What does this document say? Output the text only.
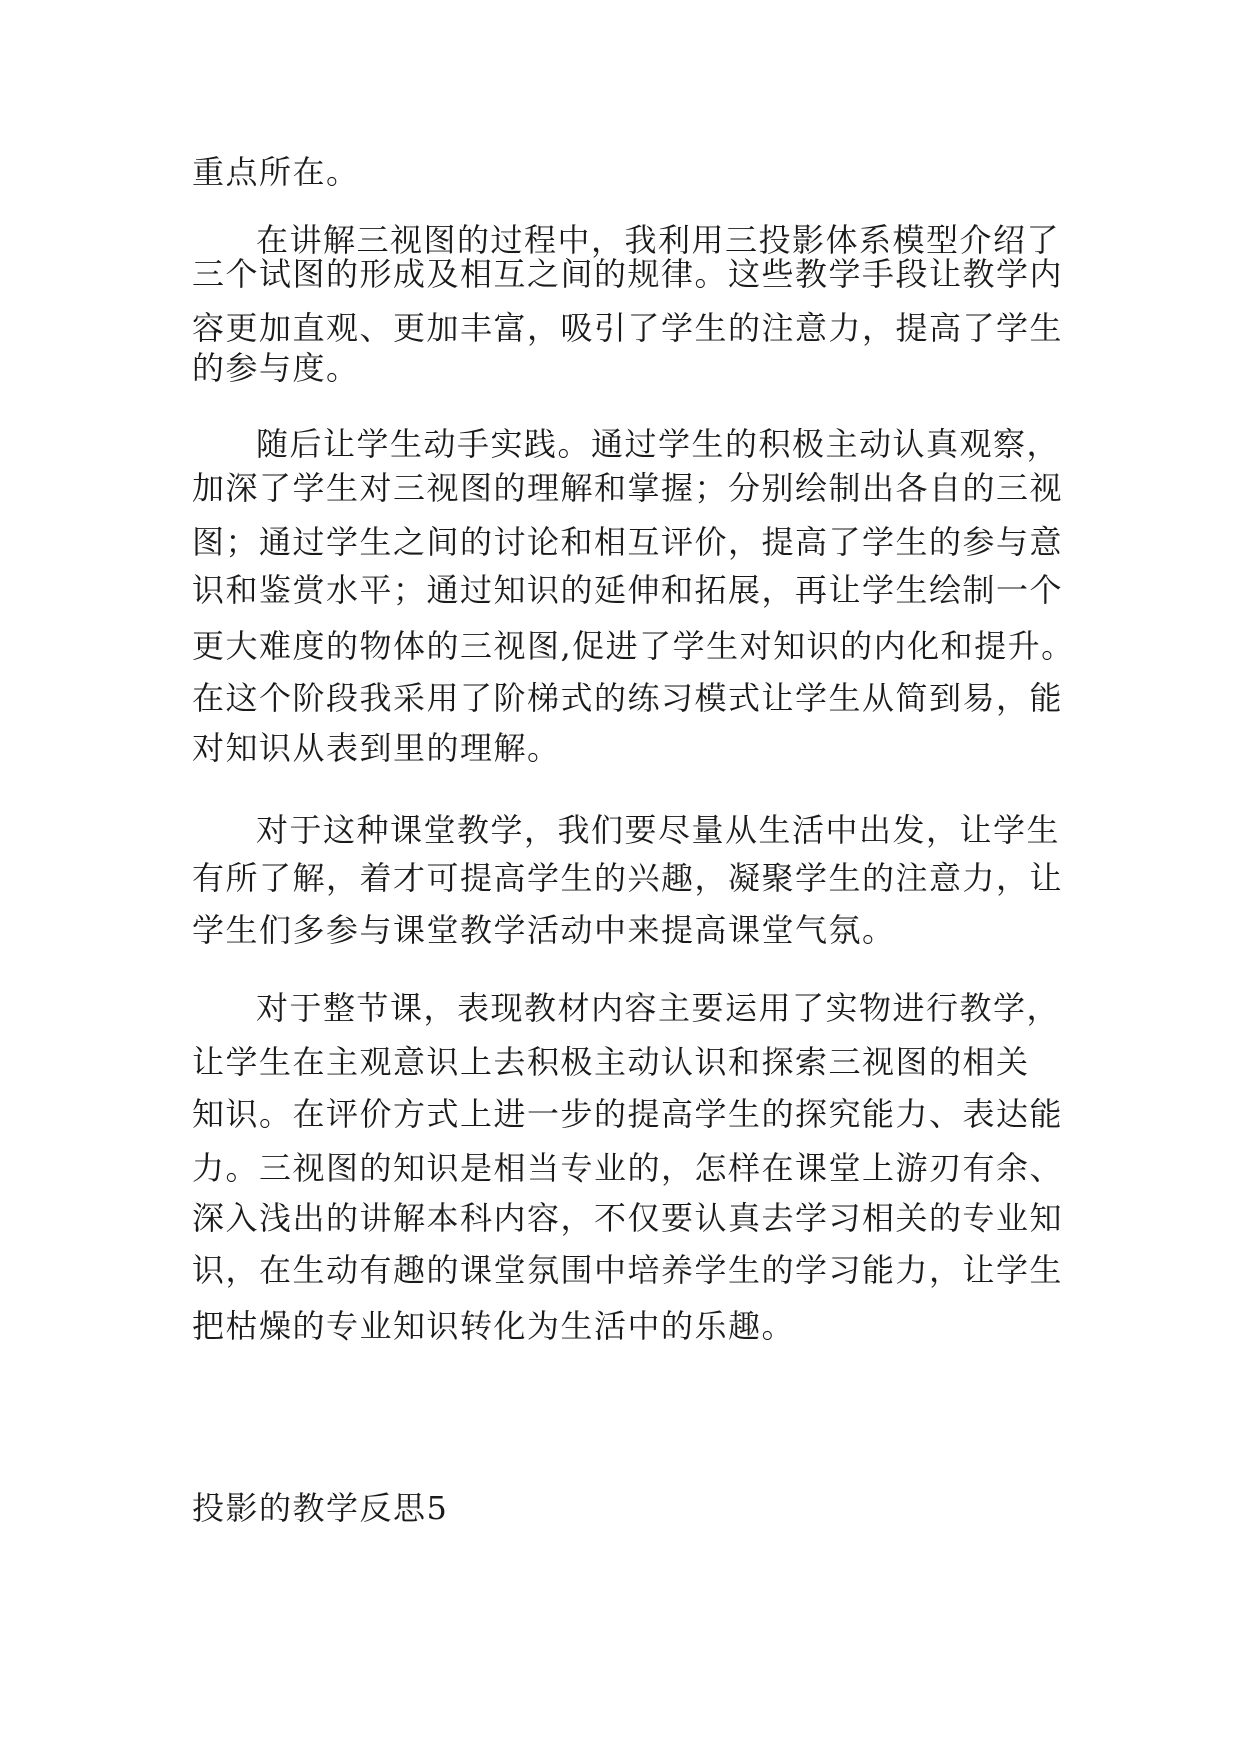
重点所在。
在讲解三视图的过程中，我利用三投影体系模型介绍了
三个试图的形成及相互之间的规律。这些教学手段让教学内
容更加直观、更加丰富，吸引了学生的注意力，提高了学生
的参与度。
随后让学生动手实践。通过学生的积极主动认真观察，
加深了学生对三视图的理解和掌握；分别绘制出各自的三视
图；通过学生之间的讨论和相互评价，提高了学生的参与意
识和鉴赏水平；通过知识的延伸和拓展，再让学生绘制一个
更大难度的物体的三视图,促进了学生对知识的内化和提升。
在这个阶段我采用了阶梯式的练习模式让学生从简到易，能
对知识从表到里的理解。
对于这种课堂教学，我们要尽量从生活中出发，让学生
有所了解，着才可提高学生的兴趣，凝聚学生的注意力，让
学生们多参与课堂教学活动中来提高课堂气氛。
对于整节课，表现教材内容主要运用了实物进行教学，
让学生在主观意识上去积极主动认识和探索三视图的相关
知识。在评价方式上进一步的提高学生的探究能力、表达能
力。三视图的知识是相当专业的，怎样在课堂上游刃有余、
深入浅出的讲解本科内容，不仅要认真去学习相关的专业知
识，在生动有趣的课堂氛围中培养学生的学习能力，让学生
把枯燥的专业知识转化为生活中的乐趣。
投影的教学反思5
